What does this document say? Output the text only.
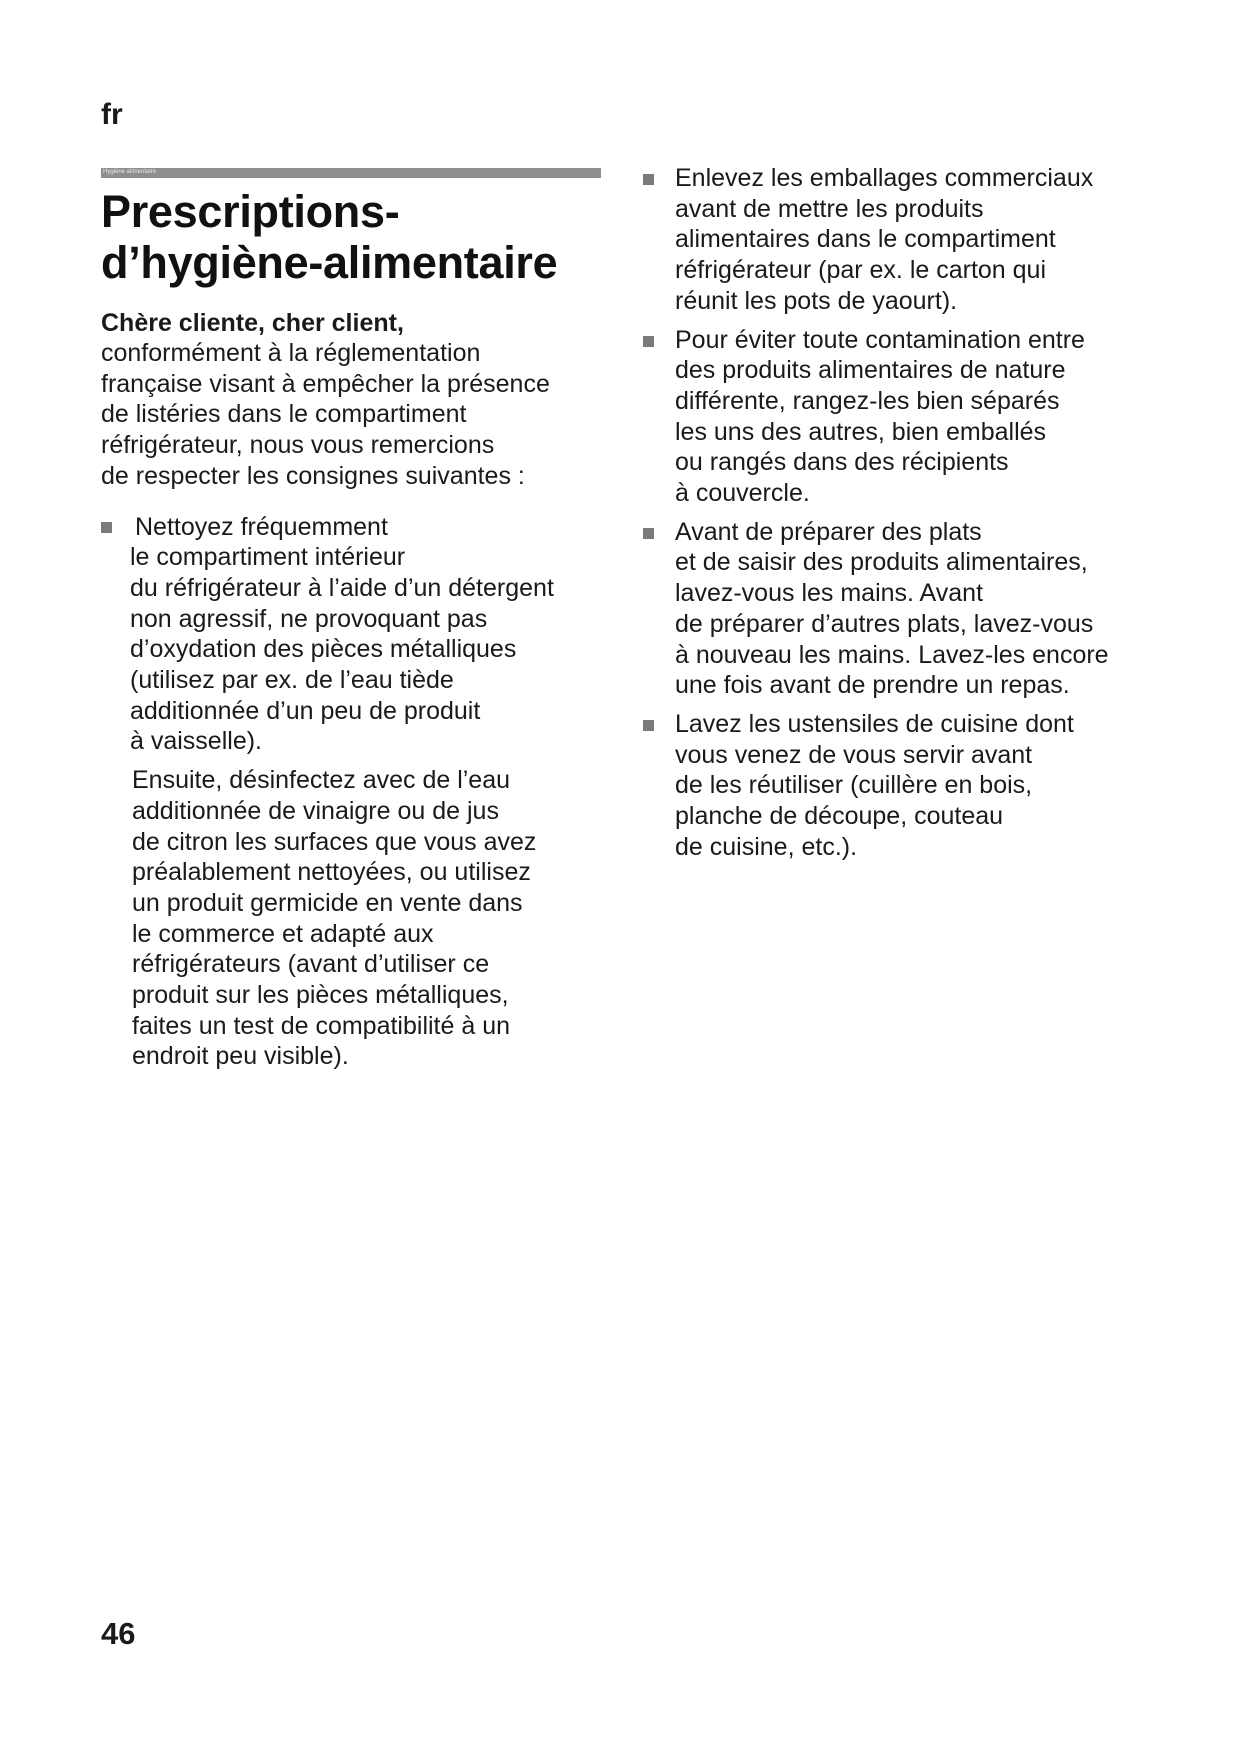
fr
Hygiène alimentaire
Prescriptions-
d’hygiène-alimentaire
Chère cliente, cher client,

conformément à la réglementation
française visant à empêcher la présence
de listéries dans le compartiment
réfrigérateur, nous vous remercions
de respecter les consignes suivantes :

Nettoyez fréquemment
le compartiment intérieur
du réfrigérateur à l’aide d’un détergent
non agressif, ne provoquant pas
d’oxydation des pièces métalliques
(utilisez par ex. de l’eau tiède
additionnée d’un peu de produit
à vaisselle).
Ensuite, désinfectez avec de l’eau
additionnée de vinaigre ou de jus
de citron les surfaces que vous avez
préalablement nettoyées, ou utilisez
un produit germicide en vente dans
le commerce et adapté aux
réfrigérateurs (avant d’utiliser ce
produit sur les pièces métalliques,
faites un test de compatibilité à un
endroit peu visible).
Enlevez les emballages commerciaux
avant de mettre les produits
alimentaires dans le compartiment
réfrigérateur (par ex. le carton qui
réunit les pots de yaourt).
Pour éviter toute contamination entre
des produits alimentaires de nature
différente, rangez-les bien séparés
les uns des autres, bien emballés
ou rangés dans des récipients
à couvercle.
Avant de préparer des plats
et de saisir des produits alimentaires,
lavez-vous les mains. Avant
de préparer d’autres plats, lavez-vous
à nouveau les mains. Lavez-les encore
une fois avant de prendre un repas.
Lavez les ustensiles de cuisine dont
vous venez de vous servir avant
de les réutiliser (cuillère en bois,
planche de découpe, couteau
de cuisine, etc.).
46
